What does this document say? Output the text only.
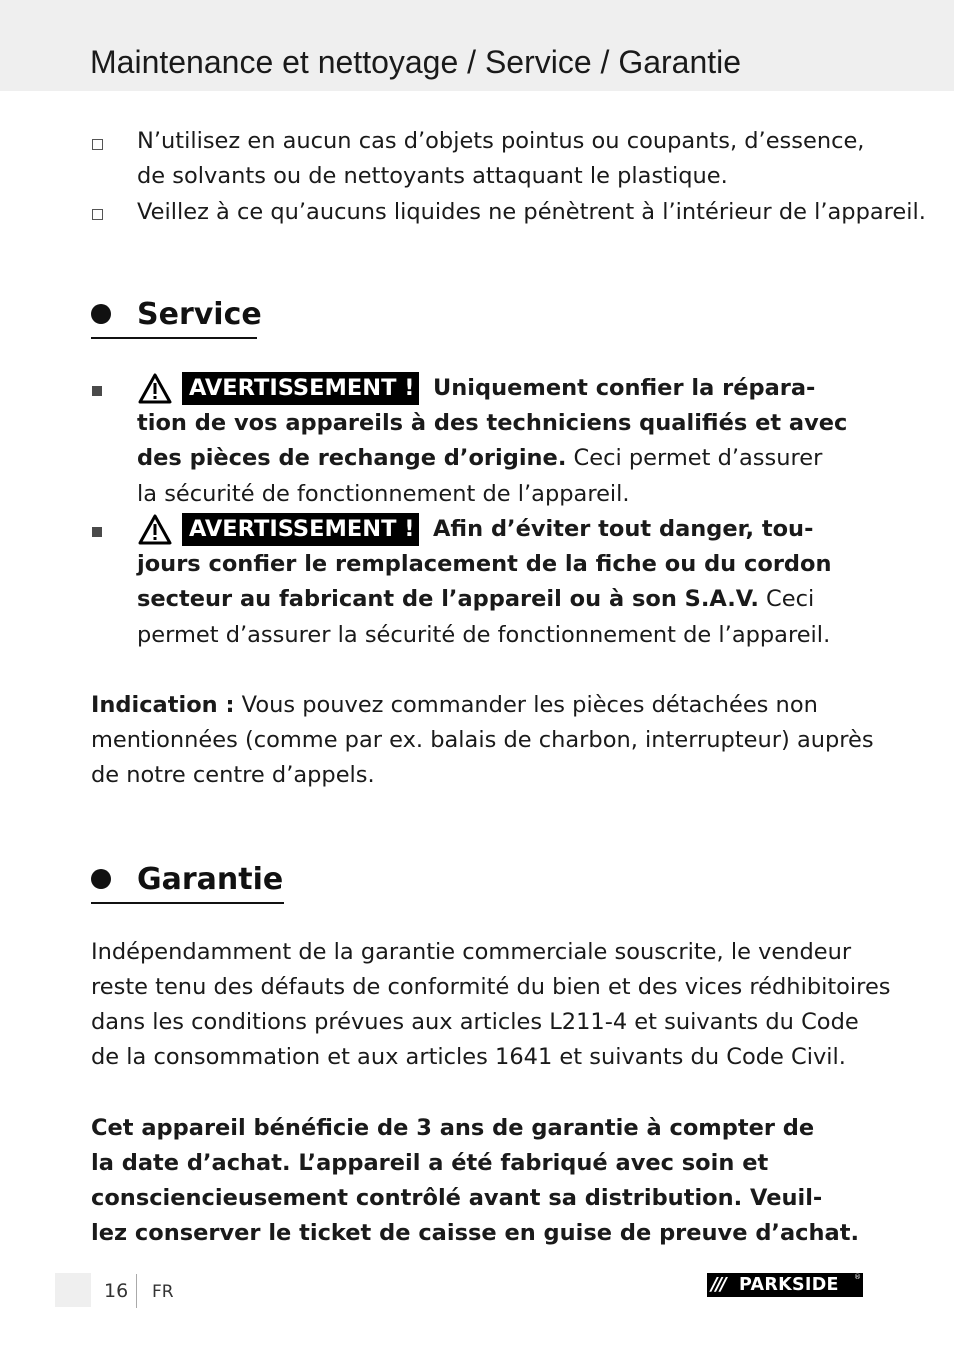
Maintenance et nettoyage / Service / Garantie

N’utilisez en aucun cas d’objets pointus ou coupants, d’essence,

de solvants ou de nettoyants attaquant le plastique.

Veillez à ce qu’aucuns liquides ne pénètrent à l’intérieur de l’appareil.

Service
AVERTISSEMENT ! Uniquement confier la répara-

tion de vos appareils à des techniciens qualifiés et avec

des pièces de rechange d’origine. Ceci permet d’assurer

la sécurité de fonctionnement de l’appareil.

AVERTISSEMENT ! Afin d’éviter tout danger, tou-

jours confier le remplacement de la fiche ou du cordon

secteur au fabricant de l’appareil ou à son S.A.V. Ceci

permet d’assurer la sécurité de fonctionnement de l’appareil.

Indication : Vous pouvez commander les pièces détachées non

mentionnées (comme par ex. balais de charbon, interrupteur) auprès

de notre centre d’appels.

Garantie

Indépendamment de la garantie commerciale souscrite, le vendeur

reste tenu des défauts de conformité du bien et des vices rédhibitoires

dans les conditions prévues aux articles L211-4 et suivants du Code

de la consommation et aux articles 1641 et suivants du Code Civil.

Cet appareil bénéficie de 3 ans de garantie à compter de

la date d’achat. L’appareil a été fabriqué avec soin et

consciencieusement contrôlé avant sa distribution. Veuil-

lez conserver le ticket de caisse en guise de preuve d’achat.

16 FR	/// PARKSIDE ®
